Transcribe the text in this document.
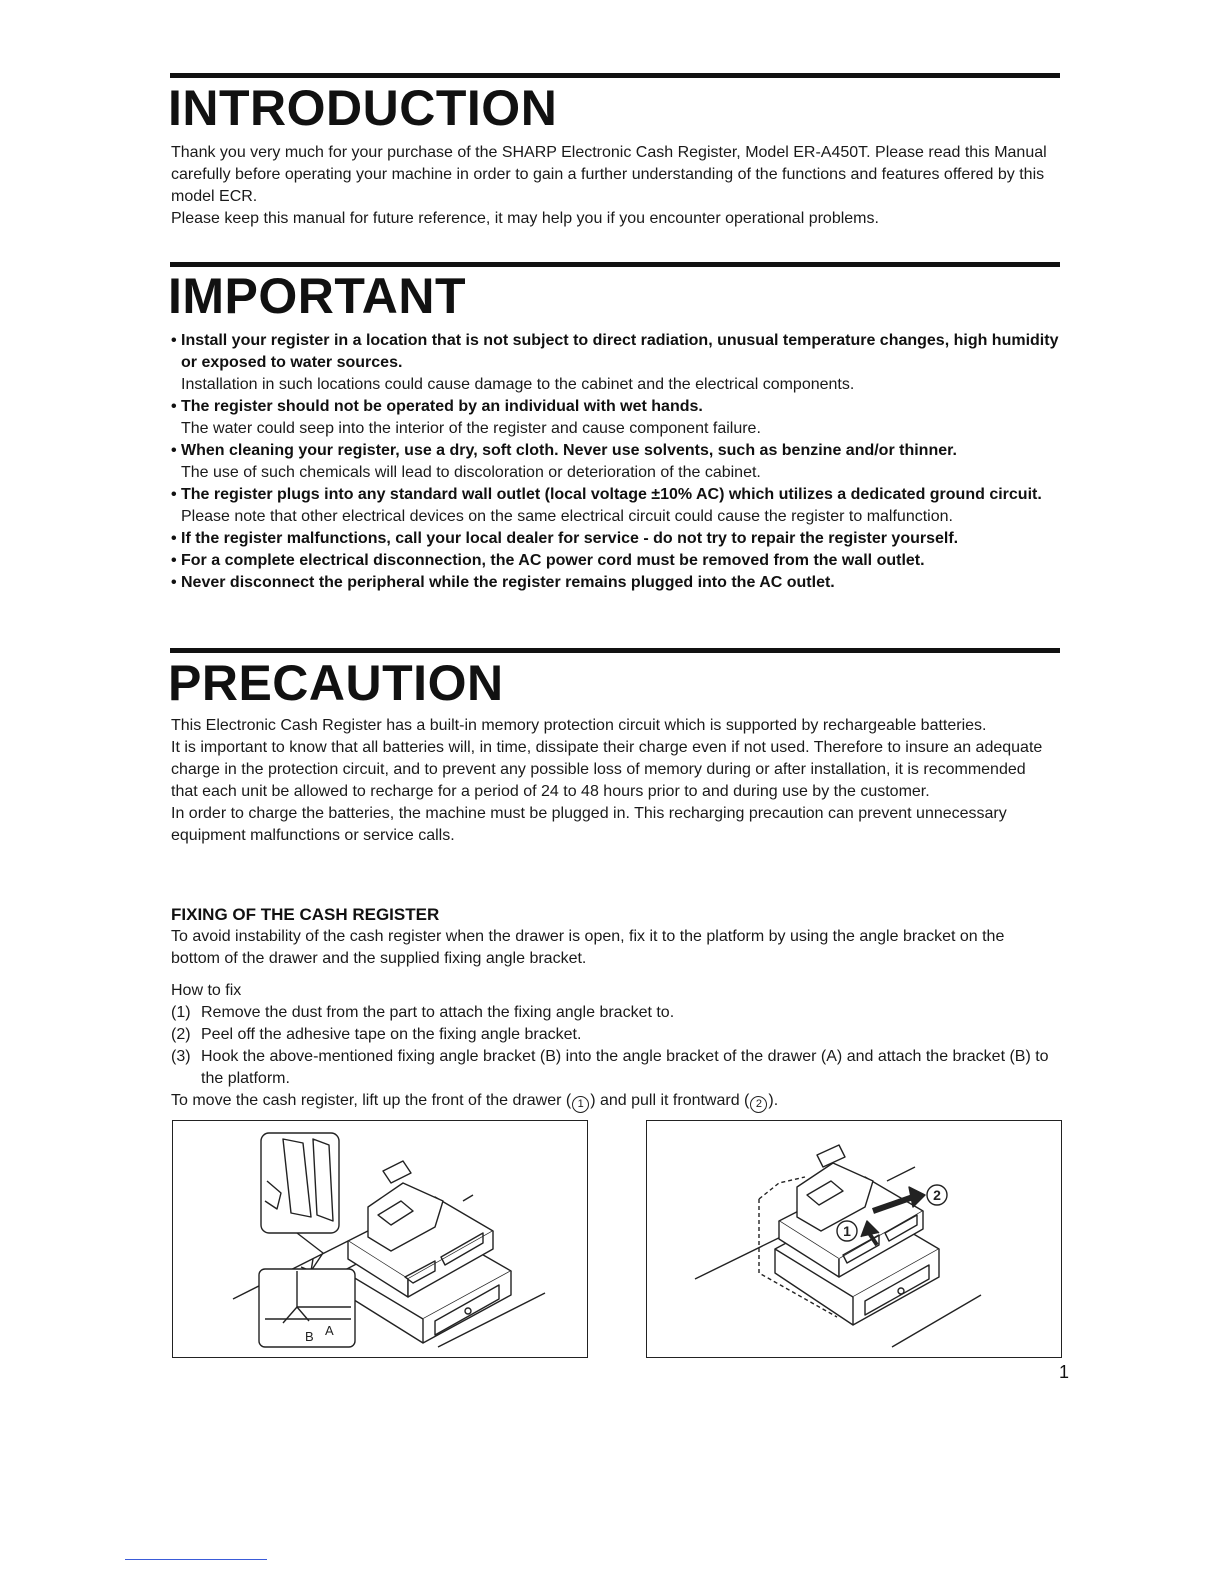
INTRODUCTION

Thank you very much for your purchase of the SHARP Electronic Cash Register, Model ER-A450T. Please read this Manual carefully before operating your machine in order to gain a further understanding of the functions and features offered by this model ECR.

Please keep this manual for future reference, it may help you if you encounter operational problems.

IMPORTANT
• Install your register in a location that is not subject to direct radiation, unusual temperature changes, high humidity or exposed to water sources.
Installation in such locations could cause damage to the cabinet and the electrical components.
• The register should not be operated by an individual with wet hands.
The water could seep into the interior of the register and cause component failure.
• When cleaning your register, use a dry, soft cloth. Never use solvents, such as benzine and/or thinner.
The use of such chemicals will lead to discoloration or deterioration of the cabinet.
• The register plugs into any standard wall outlet (local voltage ±10% AC) which utilizes a dedicated ground circuit.
Please note that other electrical devices on the same electrical circuit could cause the register to malfunction.
• If the register malfunctions, call your local dealer for service - do not try to repair the register yourself.
• For a complete electrical disconnection, the AC power cord must be removed from the wall outlet.
• Never disconnect the peripheral while the register remains plugged into the AC outlet.
PRECAUTION

This Electronic Cash Register has a built-in memory protection circuit which is supported by rechargeable batteries.

It is important to know that all batteries will, in time, dissipate their charge even if not used. Therefore to insure an adequate charge in the protection circuit, and to prevent any possible loss of memory during or after installation, it is recommended that each unit be allowed to recharge for a period of 24 to 48 hours prior to and during use by the customer.

In order to charge the batteries, the machine must be plugged in. This recharging precaution can prevent unnecessary equipment malfunctions or service calls.

FIXING OF THE CASH REGISTER

To avoid instability of the cash register when the drawer is open, fix it to the platform by using the angle bracket on the bottom of the drawer and the supplied fixing angle bracket.

How to fix
(1) Remove the dust from the part to attach the fixing angle bracket to.
(2) Peel off the adhesive tape on the fixing angle bracket.
(3) Hook the above-mentioned fixing angle bracket (B) into the angle bracket of the drawer (A) and attach the bracket (B) to the platform.
To move the cash register, lift up the front of the drawer ( 1 ) and pull it frontward ( 2 ).
B A
1
2
1
